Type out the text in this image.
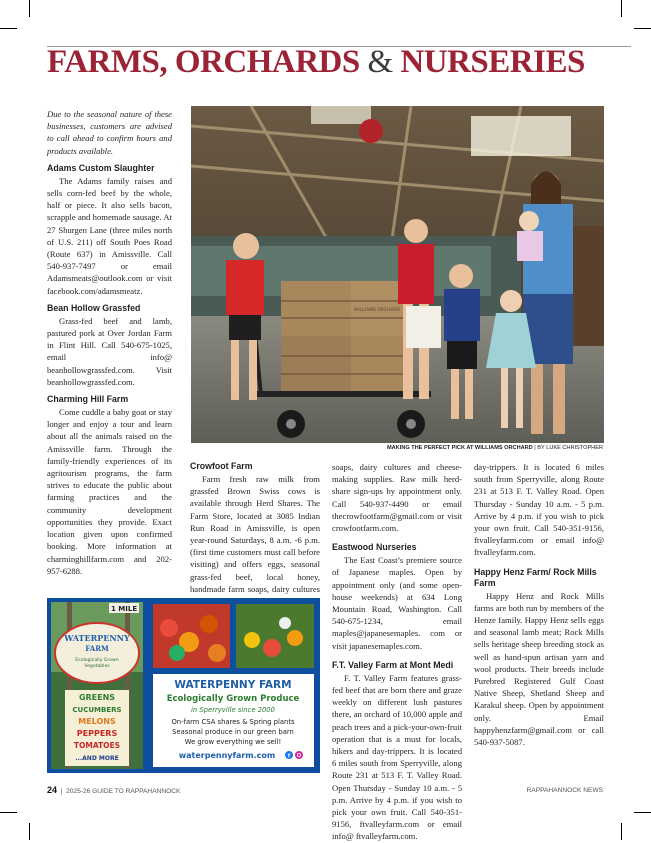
FARMS, ORCHARDS & NURSERIES

Due to the seasonal nature of these businesses, customers are advised to call ahead to confirm hours and products available.

Adams Custom Slaughter

The Adams family raises and sells corn-fed beef by the whole, half or piece. It also sells bacon, scrapple and homemade sausage. At 27 Shurgen Lane (three miles north of U.S. 211) off South Poes Road (Route 637) in Amissville. Call 540-937-7497 or email Adamsmeats@outlook.com or visit facebook.com/adamsmeatz.

Bean Hollow Grassfed

Grass-fed beef and lamb, pastured pork at Over Jordan Farm in Flint Hill. Call 540-675-1025, email info@ beanhollowgrassfed.com. Visit beanhollowgrassfed.com.

Charming Hill Farm

Come cuddle a baby goat or stay longer and enjoy a tour and learn about all the animals raised on the Amissville farm. Through the family-friendly experiences of its agritourism programs, the farm strives to educate the public about farming practices and the community development opportunities they provide. Exact location given upon confirmed booking. More information at charminghillfarm.com and 202-957-6288.

WILLIAMS ORCHARD
MAKING THE PERFECT PICK AT WILLIAMS ORCHARD | BY LUKE CHRISTOPHER
Crowfoot Farm

Farm fresh raw milk from grassfed Brown Swiss cows is available through Herd Shares. The Farm Store, located at 3085 Indian Run Road in Amissville, is open year-round Saturdays, 8 a.m. -6 p.m. (first time customers must call before visiting) and offers eggs, seasonal grass-fed beef, local honey, handmade farm soaps, dairy cultures

soaps, dairy cultures and cheese-making supplies. Raw milk herd-share sign-ups by appointment only. Call 540-937-4490 or email thecrowfootfarm@gmail.com or visit crowfootfarm.com.

Eastwood Nurseries

The East Coast’s premiere source of Japanese maples. Open by appointment only (and some open-house weekends) at 634 Long Mountain Road, Washington. Call 540-675-1234, email maples@japanesemaples. com or visit japanesemaples.com.

F.T. Valley Farm at Mont Medi

F. T. Valley Farm features grass-fed beef that are born there and graze weekly on different lush pastures there, an orchard of 10,000 apple and peach trees and a pick-your-own-fruit operation that is a must for locals, hikers and day-trippers. It is located 6 miles south from Sperryville, along Route 231 at 513 F. T. Valley Road. Open Thursday - Sunday 10 a.m. - 5 p.m. Arrive by 4 p.m. if you wish to pick your own fruit. Call 540-351-9156, ftvalleyfarm.com or email info@ ftvalleyfarm.com.

day-trippers. It is located 6 miles south from Sperryville, along Route 231 at 513 F. T. Valley Road. Open Thursday - Sunday 10 a.m. - 5 p.m. Arrive by 4 p.m. if you wish to pick your own fruit. Call 540-351-9156, ftvalleyfarm.com or email info@ ftvalleyfarm.com.

Happy Henz Farm/ Rock Mills Farm

Happy Henz and Rock Mills farms are both run by members of the Henze family. Happy Henz sells eggs and seasonal lamb meat; Rock Mills sells heritage sheep breeding stock as well as hand-spun artisan yarn and wool products. Their breeds include Purebred Registered Gulf Coast Native Sheep, Shetland Sheep and Karakul sheep. Open by appointment only. Email happyhenzfarm@gmail.com or call 540-937-5087.

1 MILE
WATERPENNY
FARM
Ecologically Grown
Vegetables
GREENS
CUCUMBERS
MELONS
PEPPERS
TOMATOES
...AND MORE
WATERPENNY FARM
Ecologically Grown Produce
in Sperryville since 2000
On-farm CSA shares & Spring plants
Seasonal produce in our green barn
We grow everything we sell!
waterpennyfarm.com f
24  |  2025-26 GUIDE TO RAPPAHANNOCK	RAPPAHANNOCK NEWS
